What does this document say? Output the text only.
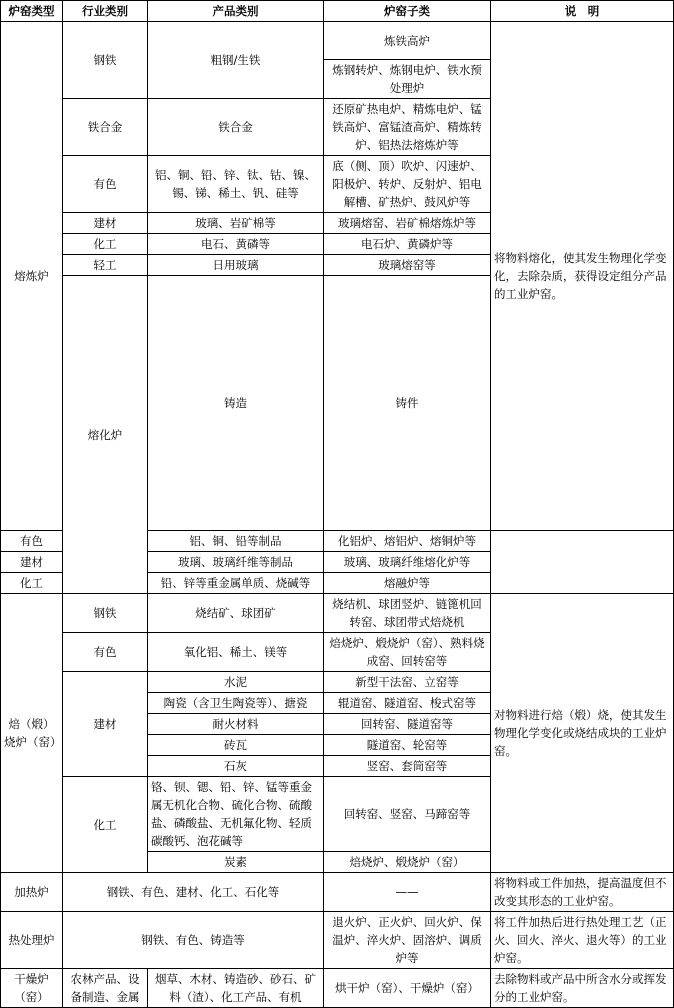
炉窑类型	行业类别	产品类别	炉窑子类	说　明	
熔炼炉	钢铁	粗钢/生铁	炼铁高炉	将物料熔化，使其发生物理化学变化，去除杂质，获得设定组分产品的工业炉窑。	
			炼钢转炉、炼钢电炉、铁水预处理炉		
	铁合金	铁合金	还原矿热电炉、精炼电炉、锰铁高炉、富锰渣高炉、精炼转炉、铝热法熔炼炉等		
	有色	铝、铜、铅、锌、钛、钴、镍、锡、锑、稀土、钒、硅等	底（侧、顶）吹炉、闪速炉、阳极炉、转炉、反射炉、铝电解槽、矿热炉、鼓风炉等		
	建材	玻璃、岩矿棉等	玻璃熔窑、岩矿棉熔炼炉等		
	化工	电石、黄磷等	电石炉、黄磷炉等		
	轻工	日用玻璃	玻璃熔窑等		
	熔化炉	铸造	铸件		
有色		铝、铜、铅等制品	化铝炉、熔铝炉、熔铜炉等		
建材		玻璃、玻璃纤维等制品	玻璃、玻璃纤维熔化炉等		
化工		铅、锌等重金属单质、烧碱等	熔融炉等		
焙（煅）烧炉（窑）	钢铁	烧结矿、球团矿	烧结机、球团竖炉、链篦机回转窑、球团带式焙烧机	对物料进行焙（煅）烧，使其发生物理化学变化或烧结成块的工业炉窑。	
	有色	氧化铝、稀土、镁等	焙烧炉、煅烧炉（窑）、熟料烧成窑、回转窑等		
	建材	水泥	新型干法窑、立窑等		
		陶瓷（含卫生陶瓷等）、搪瓷	辊道窑、隧道窑、梭式窑等		
		耐火材料	回转窑、隧道窑等		
		砖瓦	隧道窑、轮窑等		
		石灰	竖窑、套筒窑等		
	化工	铬、钡、锶、铅、锌、锰等重金属无机化合物、硫化合物、硫酸盐、磷酸盐、无机氟化物、轻质碳酸钙、泡花碱等	回转窑、竖窑、马蹄窑等		
		炭素	焙烧炉、煅烧炉（窑）		
加热炉	钢铁、有色、建材、化工、石化等		——	将物料或工件加热，提高温度但不改变其形态的工业炉窑。	
热处理炉	钢铁、有色、铸造等		退火炉、正火炉、回火炉、保温炉、淬火炉、固溶炉、调质炉等	将工件加热后进行热处理工艺（正火、回火、淬火、退火等）的工业炉窑。	
干燥炉（窑）	农林产品、设备制造、金属	烟草、木材、铸造砂、砂石、矿料（渣）、化工产品、有机	烘干炉（窑）、干燥炉（窑）	去除物料或产品中所含水分或挥发分的工业炉窑。	
